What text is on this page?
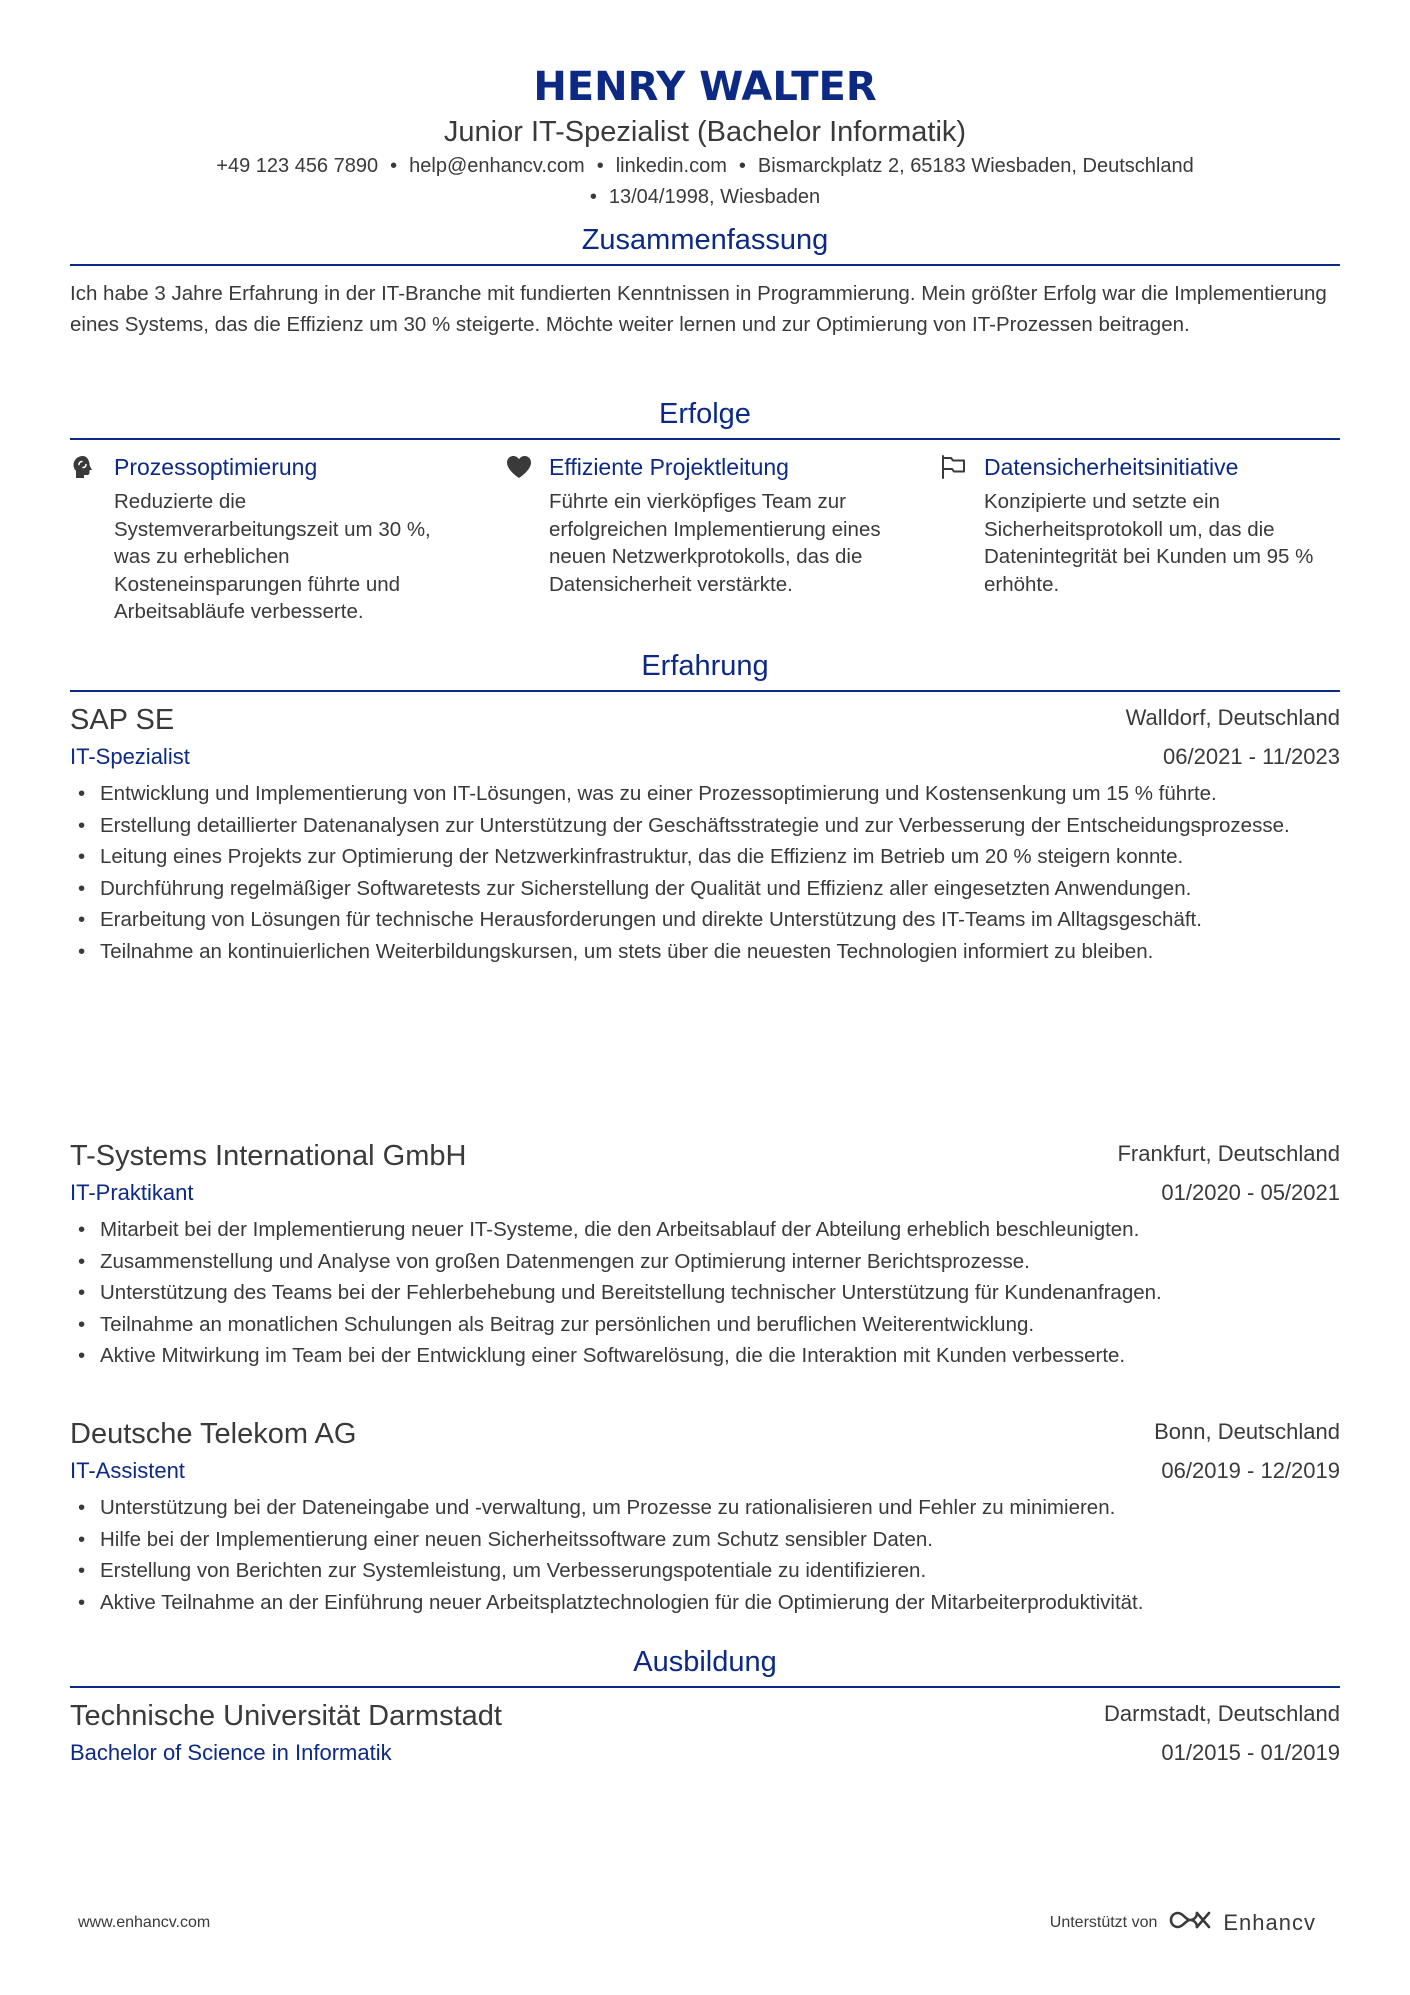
HENRY WALTER
Junior IT-Spezialist (Bachelor Informatik)
+49 123 456 7890 • help@enhancv.com • linkedin.com • Bismarckplatz 2, 65183 Wiesbaden, Deutschland
• 13/04/1998, Wiesbaden
Zusammenfassung
Ich habe 3 Jahre Erfahrung in der IT-Branche mit fundierten Kenntnissen in Programmierung. Mein größter Erfolg war die Implementierung eines Systems, das die Effizienz um 30 % steigerte. Möchte weiter lernen und zur Optimierung von IT-Prozessen beitragen.
Erfolge
Prozessoptimierung
Reduzierte die Systemverarbeitungszeit um 30 %, was zu erheblichen Kosteneinsparungen führte und Arbeitsabläufe verbesserte.
Effiziente Projektleitung
Führte ein vierköpfiges Team zur erfolgreichen Implementierung eines neuen Netzwerkprotokolls, das die Datensicherheit verstärkte.
Datensicherheitsinitiative
Konzipierte und setzte ein Sicherheitsprotokoll um, das die Datenintegrität bei Kunden um 95 % erhöhte.
Erfahrung
SAP SE	Walldorf, Deutschland
IT-Spezialist	06/2021 - 11/2023
• Entwicklung und Implementierung von IT-Lösungen, was zu einer Prozessoptimierung und Kostensenkung um 15 % führte.
• Erstellung detaillierter Datenanalysen zur Unterstützung der Geschäftsstrategie und zur Verbesserung der Entscheidungsprozesse.
• Leitung eines Projekts zur Optimierung der Netzwerkinfrastruktur, das die Effizienz im Betrieb um 20 % steigern konnte.
• Durchführung regelmäßiger Softwaretests zur Sicherstellung der Qualität und Effizienz aller eingesetzten Anwendungen.
• Erarbeitung von Lösungen für technische Herausforderungen und direkte Unterstützung des IT-Teams im Alltagsgeschäft.
• Teilnahme an kontinuierlichen Weiterbildungskursen, um stets über die neuesten Technologien informiert zu bleiben.
T-Systems International GmbH	Frankfurt, Deutschland
IT-Praktikant	01/2020 - 05/2021
• Mitarbeit bei der Implementierung neuer IT-Systeme, die den Arbeitsablauf der Abteilung erheblich beschleunigten.
• Zusammenstellung und Analyse von großen Datenmengen zur Optimierung interner Berichtsprozesse.
• Unterstützung des Teams bei der Fehlerbehebung und Bereitstellung technischer Unterstützung für Kundenanfragen.
• Teilnahme an monatlichen Schulungen als Beitrag zur persönlichen und beruflichen Weiterentwicklung.
• Aktive Mitwirkung im Team bei der Entwicklung einer Softwarelösung, die die Interaktion mit Kunden verbesserte.
Deutsche Telekom AG	Bonn, Deutschland
IT-Assistent	06/2019 - 12/2019
• Unterstützung bei der Dateneingabe und -verwaltung, um Prozesse zu rationalisieren und Fehler zu minimieren.
• Hilfe bei der Implementierung einer neuen Sicherheitssoftware zum Schutz sensibler Daten.
• Erstellung von Berichten zur Systemleistung, um Verbesserungspotentiale zu identifizieren.
• Aktive Teilnahme an der Einführung neuer Arbeitsplatztechnologien für die Optimierung der Mitarbeiterproduktivität.
Ausbildung
Technische Universität Darmstadt	Darmstadt, Deutschland
Bachelor of Science in Informatik	01/2015 - 01/2019
www.enhancv.com	Unterstützt von	Enhancv
